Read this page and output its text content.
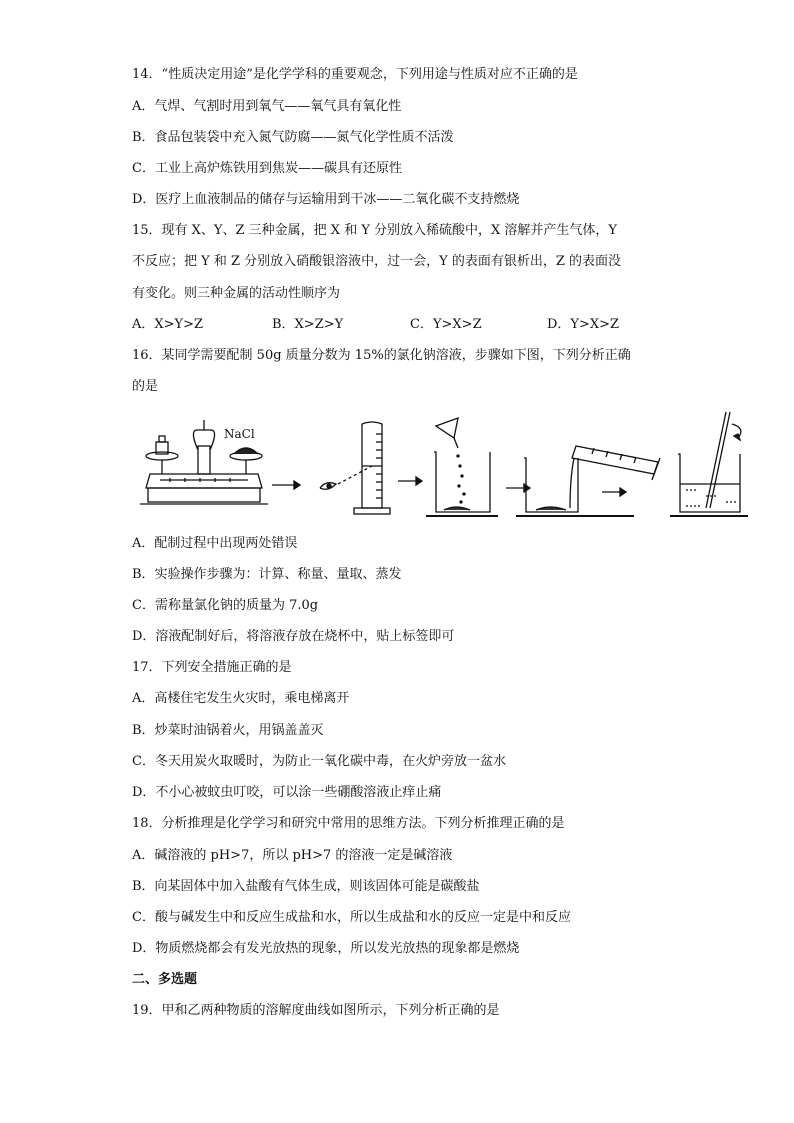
14．“性质决定用途”是化学学科的重要观念，下列用途与性质对应不正确的是
A．气焊、气割时用到氧气——氧气具有氧化性
B．食品包装袋中充入氮气防腐——氮气化学性质不活泼
C．工业上高炉炼铁用到焦炭——碳具有还原性
D．医疗上血液制品的储存与运输用到干冰——二氧化碳不支持燃烧
15．现有 X、Y、Z 三种金属，把 X 和 Y 分别放入稀硫酸中，X 溶解并产生气体，Y
不反应；把 Y 和 Z 分别放入硝酸银溶液中，过一会，Y 的表面有银析出，Z 的表面没
有变化。则三种金属的活动性顺序为
A．X>Y>Z	B．X>Z>Y	C．Y>X>Z	D．Y>X>Z
16．某同学需要配制 50g 质量分数为 15%的氯化钠溶液，步骤如下图，下列分析正确
的是
NaCl
A．配制过程中出现两处错误
B．实验操作步骤为：计算、称量、量取、蒸发
C．需称量氯化钠的质量为 7.0g
D．溶液配制好后，将溶液存放在烧杯中，贴上标签即可
17．下列安全措施正确的是
A．高楼住宅发生火灾时，乘电梯离开
B．炒菜时油锅着火，用锅盖盖灭
C．冬天用炭火取暖时，为防止一氧化碳中毒，在火炉旁放一盆水
D．不小心被蚊虫叮咬，可以涂一些硼酸溶液止痒止痛
18．分析推理是化学学习和研究中常用的思维方法。下列分析推理正确的是
A．碱溶液的 pH>7，所以 pH>7 的溶液一定是碱溶液
B．向某固体中加入盐酸有气体生成，则该固体可能是碳酸盐
C．酸与碱发生中和反应生成盐和水，所以生成盐和水的反应一定是中和反应
D．物质燃烧都会有发光放热的现象，所以发光放热的现象都是燃烧
二、多选题
19．甲和乙两种物质的溶解度曲线如图所示，下列分析正确的是
